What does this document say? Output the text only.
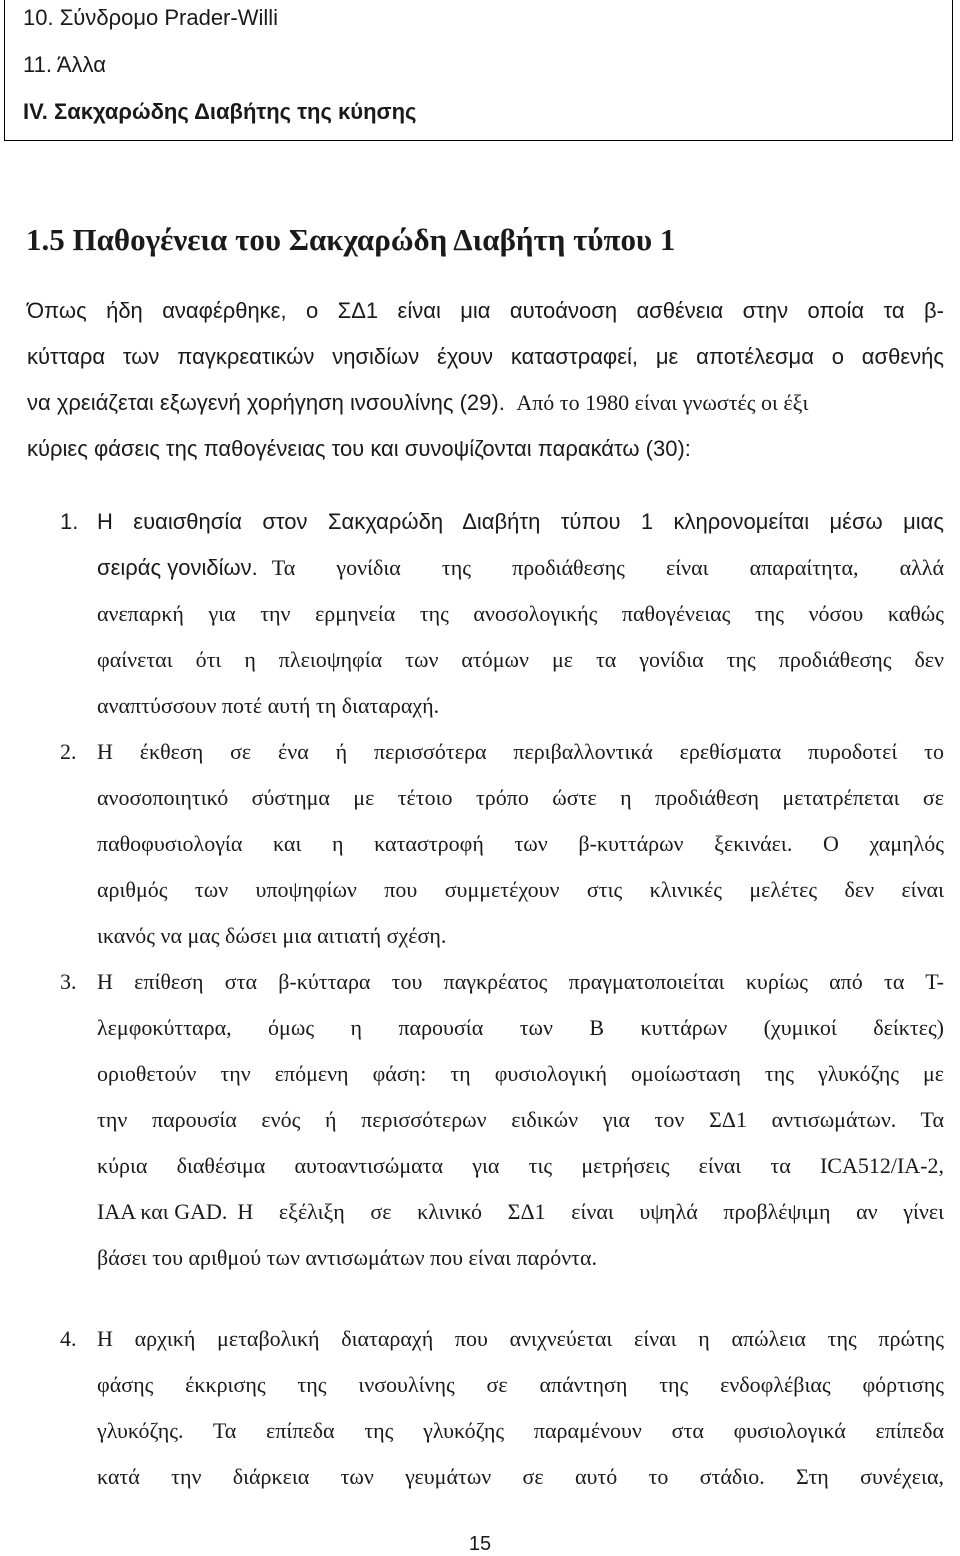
10. Σύνδρομο Prader-Willi
11. Άλλα
IV. Σακχαρώδης Διαβήτης της κύησης
1.5 Παθογένεια του Σακχαρώδη Διαβήτη τύπου 1
Όπως ήδη αναφέρθηκε, ο ΣΔ1 είναι μια αυτοάνοση ασθένεια στην οποία τα β-
κύτταρα των παγκρεατικών νησιδίων έχουν καταστραφεί, με αποτέλεσμα ο ασθενής
να χρειάζεται εξωγενή χορήγηση ινσουλίνης (29). Από το 1980 είναι γνωστές οι έξι
κύριες φάσεις της παθογένειας του και συνοψίζονται παρακάτω (30):
1. Η ευαισθησία στον Σακχαρώδη Διαβήτη τύπου 1 κληρονομείται μέσω μιας
σειράς γονιδίων. Τα γονίδια της προδιάθεσης είναι απαραίτητα, αλλά
ανεπαρκή για την ερμηνεία της ανοσολογικής παθογένειας της νόσου καθώς
φαίνεται ότι η πλειοψηφία των ατόμων με τα γονίδια της προδιάθεσης δεν
αναπτύσσουν ποτέ αυτή τη διαταραχή.
2. Η έκθεση σε ένα ή περισσότερα περιβαλλοντικά ερεθίσματα πυροδοτεί το
ανοσοποιητικό σύστημα με τέτοιο τρόπο ώστε η προδιάθεση μετατρέπεται σε
παθοφυσιολογία και η καταστροφή των β-κυττάρων ξεκινάει. Ο χαμηλός
αριθμός των υποψηφίων που συμμετέχουν στις κλινικές μελέτες δεν είναι
ικανός να μας δώσει μια αιτιατή σχέση.
3. Η επίθεση στα β-κύτταρα του παγκρέατος πραγματοποιείται κυρίως από τα Τ-
λεμφοκύτταρα, όμως η παρουσία των Β κυττάρων (χυμικοί δείκτες)
οριοθετούν την επόμενη φάση: τη φυσιολογική ομοίωσταση της γλυκόζης με
την παρουσία ενός ή περισσότερων ειδικών για τον ΣΔ1 αντισωμάτων. Τα
κύρια διαθέσιμα αυτοαντισώματα για τις μετρήσεις είναι τα ICA512/IA-2,
IAA και GAD. Η εξέλιξη σε κλινικό ΣΔ1 είναι υψηλά προβλέψιμη αν γίνει
βάσει του αριθμού των αντισωμάτων που είναι παρόντα.
4. Η αρχική μεταβολική διαταραχή που ανιχνεύεται είναι η απώλεια της πρώτης
φάσης έκκρισης της ινσουλίνης σε απάντηση της ενδοφλέβιας φόρτισης
γλυκόζης. Τα επίπεδα της γλυκόζης παραμένουν στα φυσιολογικά επίπεδα
κατά την διάρκεια των γευμάτων σε αυτό το στάδιο. Στη συνέχεια,
15
